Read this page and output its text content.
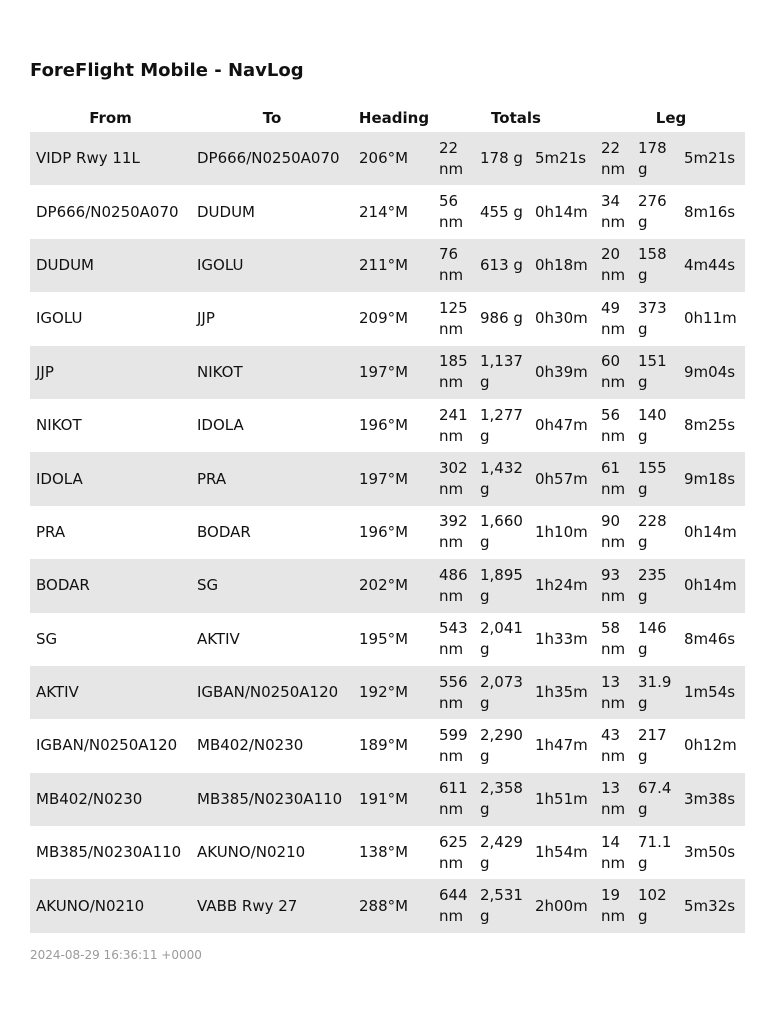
ForeFlight Mobile - NavLog
From	To	Heading	Totals			Leg		
VIDP Rwy 11L	DP666/N0250A070	206°M	22 nm	178 g	5m21s	22 nm	178 g	5m21s
DP666/N0250A070	DUDUM	214°M	56 nm	455 g	0h14m	34 nm	276 g	8m16s
DUDUM	IGOLU	211°M	76 nm	613 g	0h18m	20 nm	158 g	4m44s
IGOLU	JJP	209°M	125 nm	986 g	0h30m	49 nm	373 g	0h11m
JJP	NIKOT	197°M	185 nm	1,137 g	0h39m	60 nm	151 g	9m04s
NIKOT	IDOLA	196°M	241 nm	1,277 g	0h47m	56 nm	140 g	8m25s
IDOLA	PRA	197°M	302 nm	1,432 g	0h57m	61 nm	155 g	9m18s
PRA	BODAR	196°M	392 nm	1,660 g	1h10m	90 nm	228 g	0h14m
BODAR	SG	202°M	486 nm	1,895 g	1h24m	93 nm	235 g	0h14m
SG	AKTIV	195°M	543 nm	2,041 g	1h33m	58 nm	146 g	8m46s
AKTIV	IGBAN/N0250A120	192°M	556 nm	2,073 g	1h35m	13 nm	31.9 g	1m54s
IGBAN/N0250A120	MB402/N0230	189°M	599 nm	2,290 g	1h47m	43 nm	217 g	0h12m
MB402/N0230	MB385/N0230A110	191°M	611 nm	2,358 g	1h51m	13 nm	67.4 g	3m38s
MB385/N0230A110	AKUNO/N0210	138°M	625 nm	2,429 g	1h54m	14 nm	71.1 g	3m50s
AKUNO/N0210	VABB Rwy 27	288°M	644 nm	2,531 g	2h00m	19 nm	102 g	5m32s
2024-08-29 16:36:11 +0000
